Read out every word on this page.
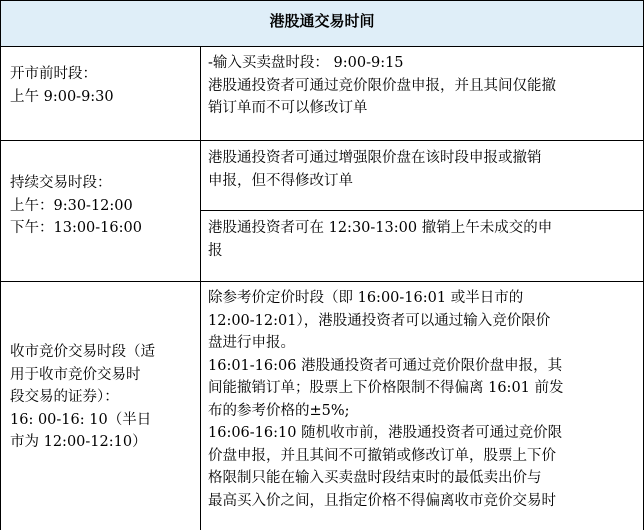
港股通交易时间
开市前时段：
上午 9:00-9:30
-输入买卖盘时段： 9:00-9:15
港股通投资者可通过竞价限价盘申报，并且其间仅能撤
销订单而不可以修改订单
持续交易时段：
上午：9:30-12:00
下午：13:00-16:00
港股通投资者可通过增强限价盘在该时段申报或撤销
申报，但不得修改订单
港股通投资者可在 12:30-13:00 撤销上午未成交的申
报
收市竞价交易时段（适
用于收市竞价交易时
段交易的证券）：
16: 00-16: 10（半日
市为 12:00-12:10）
除参考价定价时段（即 16:00-16:01 或半日市的
12:00-12:01），港股通投资者可以通过输入竞价限价
盘进行申报。
16:01-16:06 港股通投资者可通过竞价限价盘申报，其
间能撤销订单；股票上下价格限制不得偏离 16:01 前发
布的参考价格的±5%;
16:06-16:10 随机收市前，港股通投资者可通过竞价限
价盘申报，并且其间不可撤销或修改订单，股票上下价
格限制只能在输入买卖盘时段结束时的最低卖出价与
最高买入价之间，且指定价格不得偏离收市竞价交易时
